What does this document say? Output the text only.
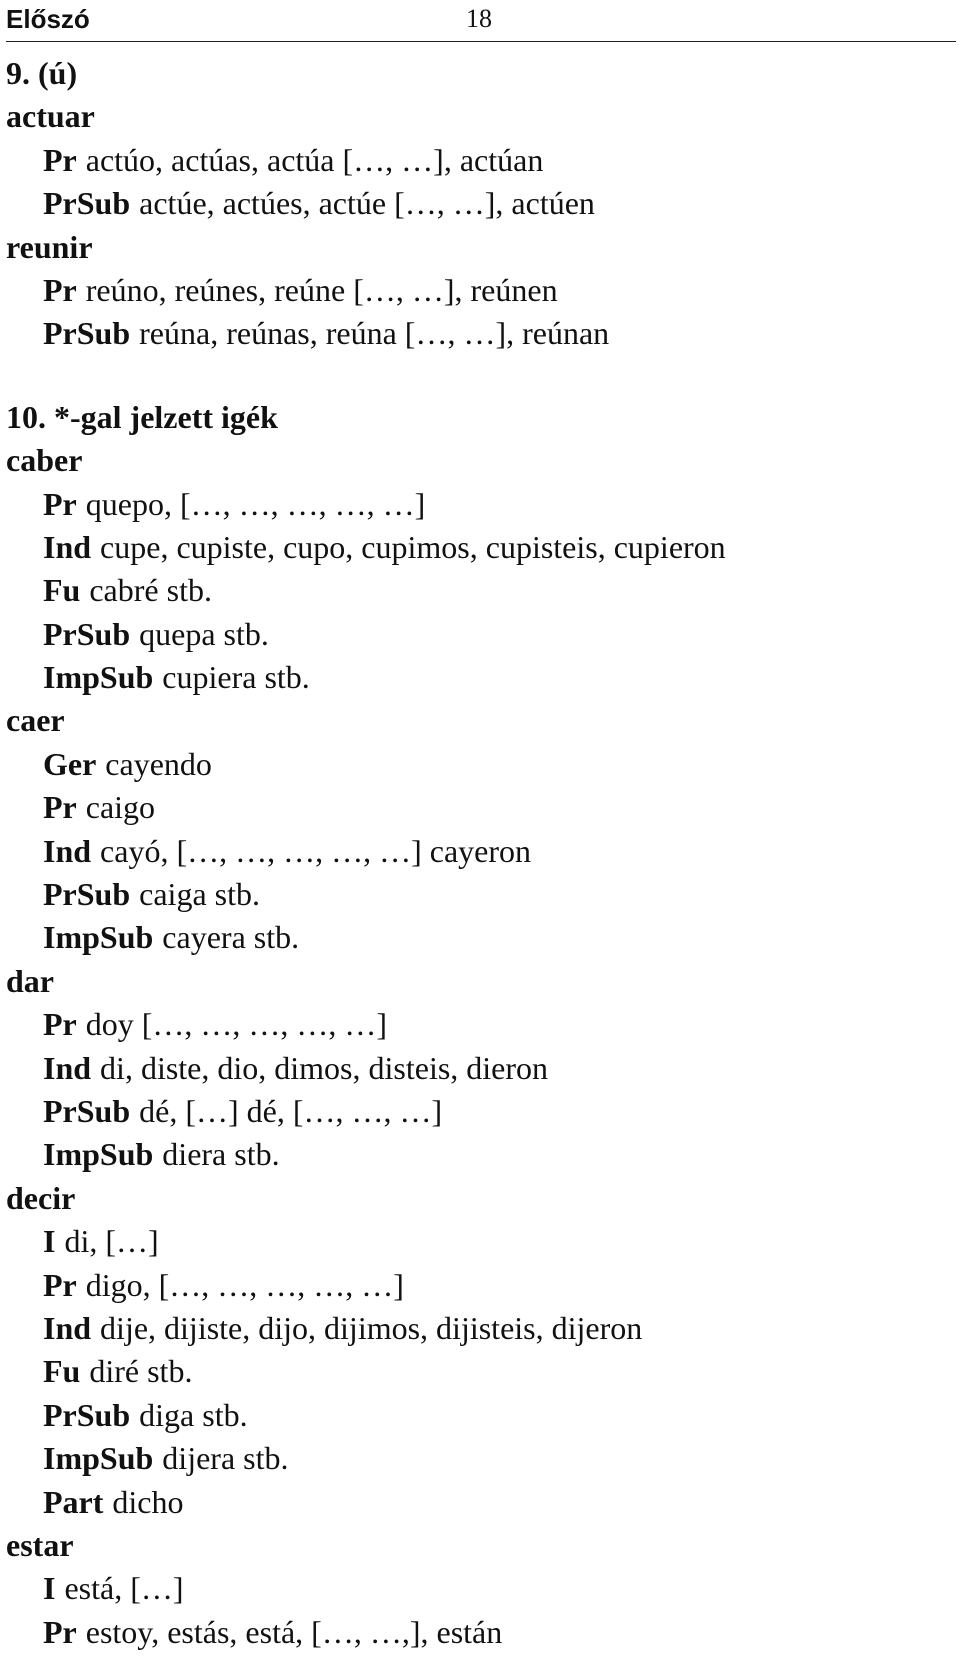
Előszó	18
9. (ú)
actuar
Pr actúo, actúas, actúa […, …], actúan
PrSub actúe, actúes, actúe […, …], actúen
reunir
Pr reúno, reúnes, reúne […, …], reúnen
PrSub reúna, reúnas, reúna […, …], reúnan
10. *-gal jelzett igék
caber
Pr quepo, […, …, …, …, …]
Ind cupe, cupiste, cupo, cupimos, cupisteis, cupieron
Fu cabré stb.
PrSub quepa stb.
ImpSub cupiera stb.
caer
Ger cayendo
Pr caigo
Ind cayó, […, …, …, …, …] cayeron
PrSub caiga stb.
ImpSub cayera stb.
dar
Pr doy […, …, …, …, …]
Ind di, diste, dio, dimos, disteis, dieron
PrSub dé, […] dé, […, …, …]
ImpSub diera stb.
decir
I di, […]
Pr digo, […, …, …, …, …]
Ind dije, dijiste, dijo, dijimos, dijisteis, dijeron
Fu diré stb.
PrSub diga stb.
ImpSub dijera stb.
Part dicho
estar
I está, […]
Pr estoy, estás, está, […, …,], están
